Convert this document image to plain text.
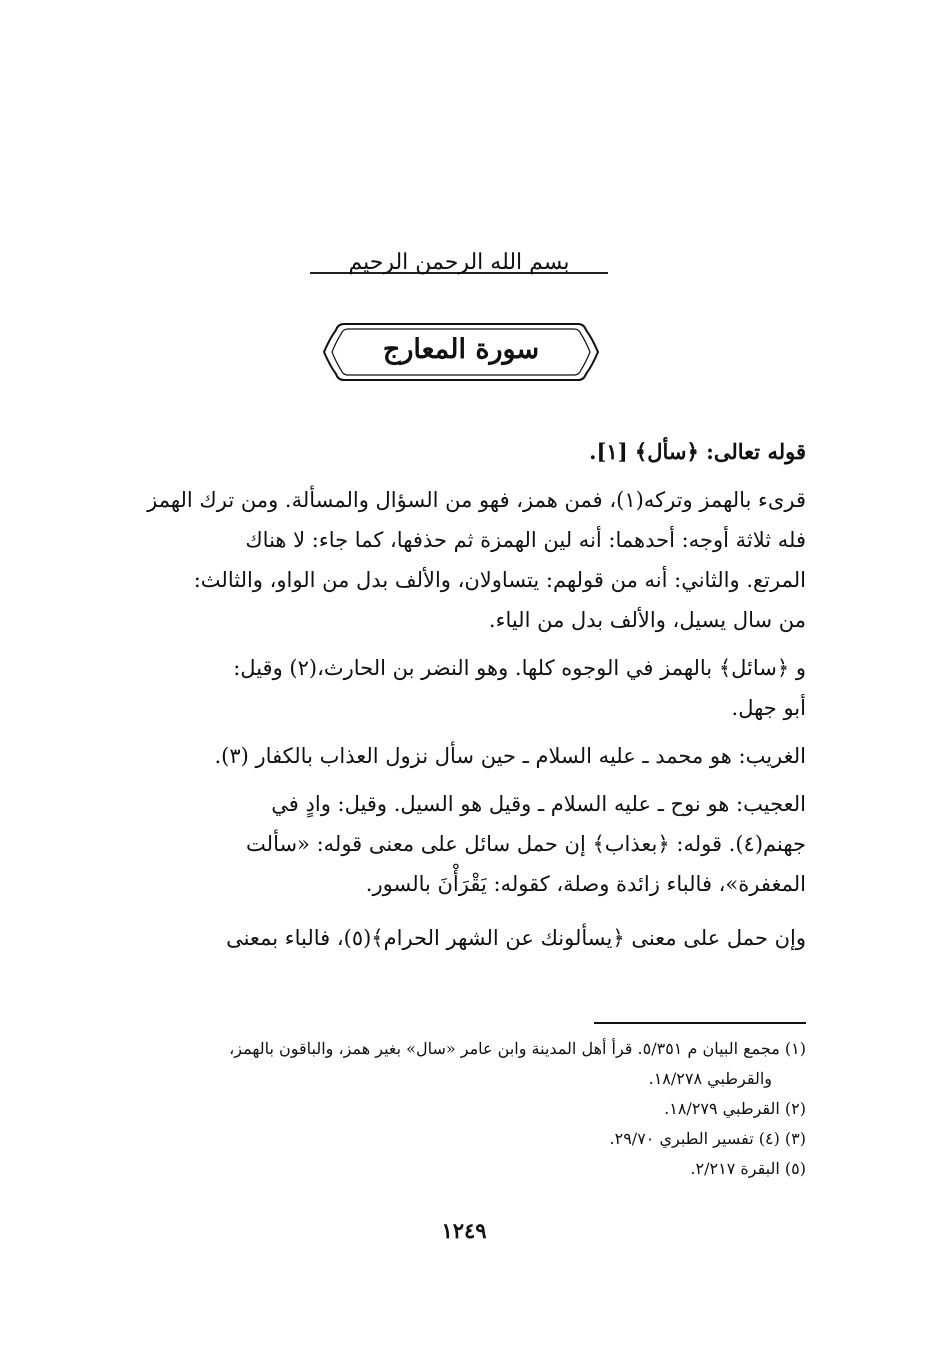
بسم الله الرحمن الرحيم
سورة المعارج

قوله تعالى: ﴿سأل﴾ [١].

قرىء بالهمز وتركه(١)، فمن همز، فهو من السؤال والمسألة. ومن ترك الهمز

فله ثلاثة أوجه: أحدهما: أنه لين الهمزة ثم حذفها، كما جاء: لا هناك

المرتع. والثاني: أنه من قولهم: يتساولان، والألف بدل من الواو، والثالث:

من سال يسيل، والألف بدل من الياء.

و ﴿سائل﴾ بالهمز في الوجوه كلها. وهو النضر بن الحارث،(٢) وقيل:

أبو جهل.

الغريب: هو محمد ـ عليه السلام ـ حين سأل نزول العذاب بالكفار (٣).

العجيب: هو نوح ـ عليه السلام ـ وقيل هو السيل. وقيل: وادٍ في

جهنم(٤). قوله: ﴿بعذاب﴾ إن حمل سائل على معنى قوله: «سألت

المغفرة»، فالباء زائدة وصلة، كقوله: يَقْرَأْنَ بالسور.

وإن حمل على معنى ﴿يسألونك عن الشهر الحرام﴾(٥)، فالباء بمعنى

(١) مجمع البيان م ٥/٣٥١. قرأ أهل المدينة وابن عامر «سال» بغير همز، والباقون بالهمز،

والقرطبي ١٨/٢٧٨.

(٢) القرطبي ١٨/٢٧٩.

(٣) (٤) تفسير الطبري ٢٩/٧٠.

(٥) البقرة ٢/٢١٧.

١٢٤٩
